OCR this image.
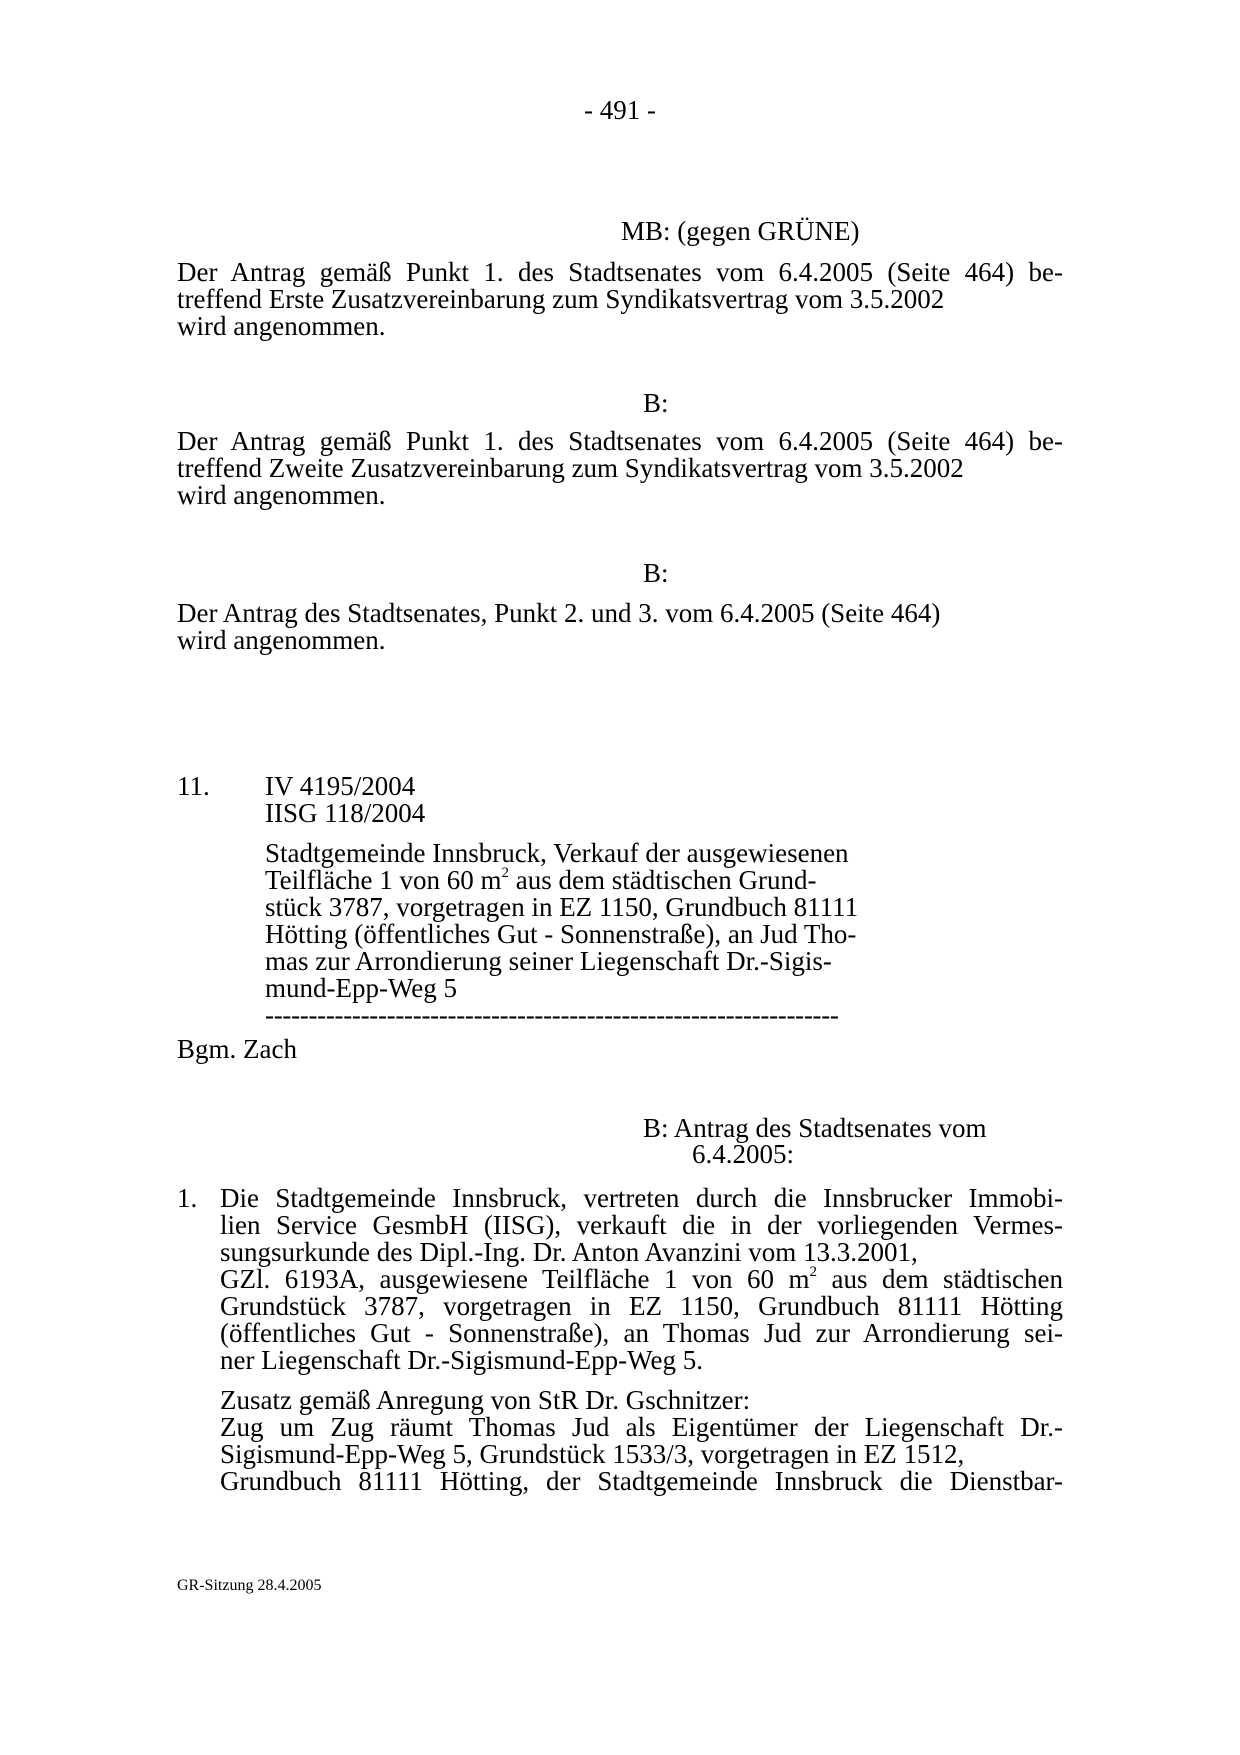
- 491 -
MB: (gegen GRÜNE)
Der Antrag gemäß Punkt 1. des Stadtsenates vom 6.4.2005 (Seite 464) be-
treffend Erste Zusatzvereinbarung zum Syndikatsvertrag vom 3.5.2002
wird angenommen.
B:
Der Antrag gemäß Punkt 1. des Stadtsenates vom 6.4.2005 (Seite 464) be-
treffend Zweite Zusatzvereinbarung zum Syndikatsvertrag vom 3.5.2002
wird angenommen.
B:
Der Antrag des Stadtsenates, Punkt 2. und 3. vom 6.4.2005 (Seite 464)
wird angenommen.
11. IV 4195/2004
IISG 118/2004
Stadtgemeinde Innsbruck, Verkauf der ausgewiesenen
Teilfläche 1 von 60 $m^2$ aus dem städtischen Grund-
stück 3787, vorgetragen in EZ 1150, Grundbuch 81111
Hötting (öffentliches Gut - Sonnenstraße), an Jud Tho-
mas zur Arrondierung seiner Liegenschaft Dr.-Sigis-
mund-Epp-Weg 5
------------------------------------------------------------------
Bgm. Zach
B: Antrag des Stadtsenates vom
6.4.2005:
1. Die Stadtgemeinde Innsbruck, vertreten durch die Innsbrucker Immobi-
lien Service GesmbH (IISG), verkauft die in der vorliegenden Vermes-
sungsurkunde des Dipl.-Ing. Dr. Anton Avanzini vom 13.3.2001,
GZl. 6193A, ausgewiesene Teilfläche 1 von 60 $m^2$ aus dem städtischen
Grundstück 3787, vorgetragen in EZ 1150, Grundbuch 81111 Hötting
(öffentliches Gut - Sonnenstraße), an Thomas Jud zur Arrondierung sei-
ner Liegenschaft Dr.-Sigismund-Epp-Weg 5.
Zusatz gemäß Anregung von StR Dr. Gschnitzer:
Zug um Zug räumt Thomas Jud als Eigentümer der Liegenschaft Dr.-
Sigismund-Epp-Weg 5, Grundstück 1533/3, vorgetragen in EZ 1512,
Grundbuch 81111 Hötting, der Stadtgemeinde Innsbruck die Dienstbar-
GR-Sitzung 28.4.2005
